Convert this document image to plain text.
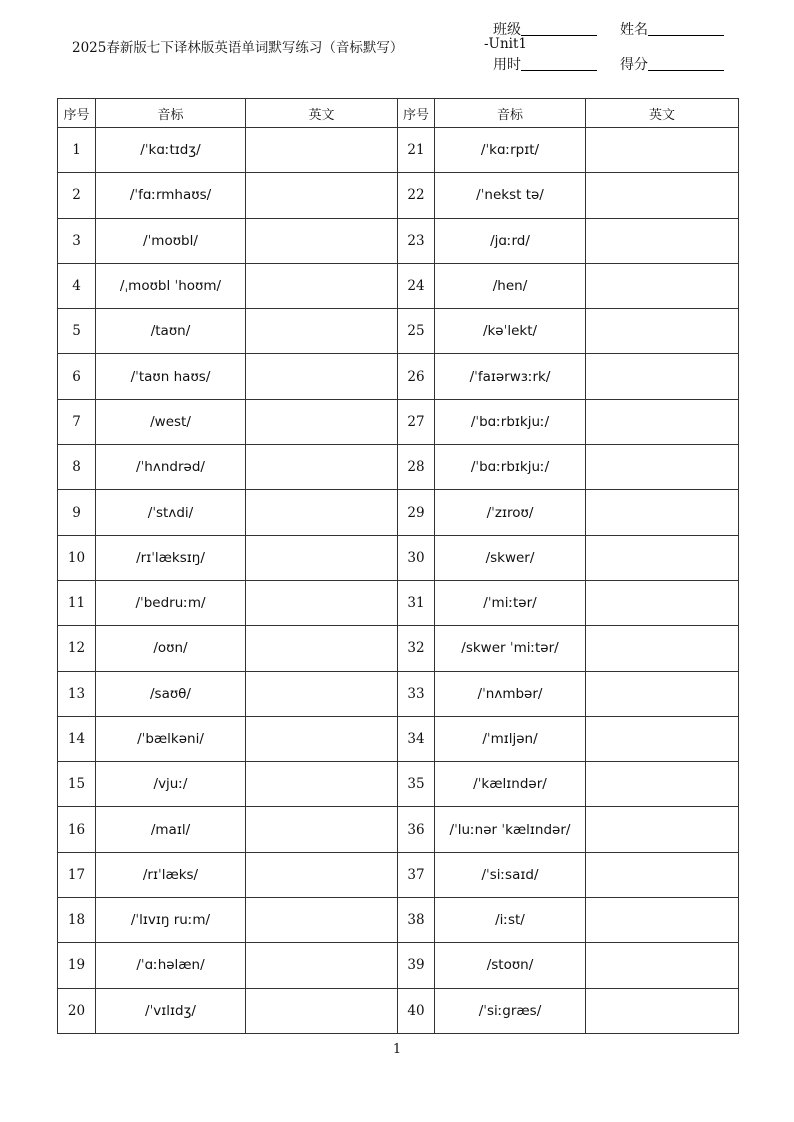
2025春新版七下译林版英语单词默写练习（音标默写）	-Unit1
班级	姓名
用时	得分
序号	音标	英文	序号	音标	英文
1	/ˈkɑːtɪdʒ/		21	/ˈkɑːrpɪt/	
2	/ˈfɑːrmhaʊs/		22	/ˈnekst tə/	
3	/ˈmoʊbl/		23	/jɑːrd/	
4	/ˌmoʊbl ˈhoʊm/		24	/hen/	
5	/taʊn/		25	/kəˈlekt/	
6	/ˈtaʊn haʊs/		26	/ˈfaɪərwɜːrk/	
7	/west/		27	/ˈbɑːrbɪkjuː/	
8	/ˈhʌndrəd/		28	/ˈbɑːrbɪkjuː/	
9	/ˈstʌdi/		29	/ˈzɪroʊ/	
10	/rɪˈlæksɪŋ/		30	/skwer/	
11	/ˈbedruːm/		31	/ˈmiːtər/	
12	/oʊn/		32	/skwer ˈmiːtər/	
13	/saʊθ/		33	/ˈnʌmbər/	
14	/ˈbælkəni/		34	/ˈmɪljən/	
15	/vjuː/		35	/ˈkælɪndər/	
16	/maɪl/		36	/ˈluːnər ˈkælɪndər/	
17	/rɪˈlæks/		37	/ˈsiːsaɪd/	
18	/ˈlɪvɪŋ ruːm/		38	/iːst/	
19	/ˈɑːhəlæn/		39	/stoʊn/	
20	/ˈvɪlɪdʒ/		40	/ˈsiːgræs/	
1
